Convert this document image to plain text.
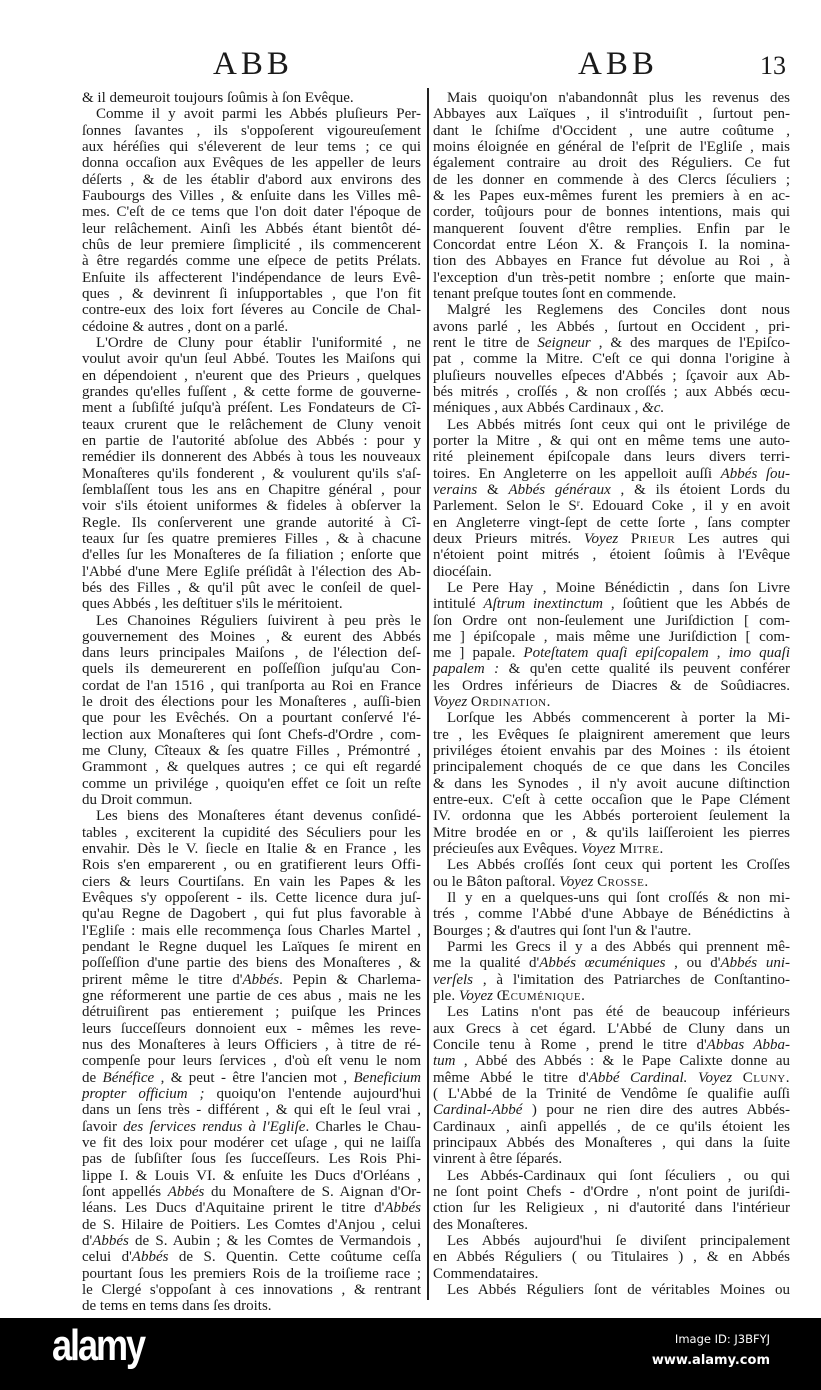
ABB	ABB	13
& il demeuroit toujours ſoûmis à ſon Evêque.
Comme il y avoit parmi les Abbés pluſieurs Per-
ſonnes ſavantes , ils s'oppoſerent vigoureuſement
aux héréſies qui s'éleverent de leur tems ; ce qui
donna occaſion aux Evêques de les appeller de leurs
déſerts , & de les établir d'abord aux environs des
Faubourgs des Villes , & enſuite dans les Villes mê-
mes. C'eſt de ce tems que l'on doit dater l'époque de
leur relâchement. Ainſi les Abbés étant bientôt dé-
chûs de leur premiere ſimplicité , ils commencerent
à être regardés comme une eſpece de petits Prélats.
Enſuite ils affecterent l'indépendance de leurs Evê-
ques , & devinrent ſi inſupportables , que l'on fit
contre-eux des loix fort ſéveres au Concile de Chal-
cédoine & autres , dont on a parlé.
L'Ordre de Cluny pour établir l'uniformité , ne
voulut avoir qu'un ſeul Abbé. Toutes les Maiſons qui
en dépendoient , n'eurent que des Prieurs , quelques
grandes qu'elles fuſſent , & cette forme de gouverne-
ment a ſubſiſté juſqu'à préſent. Les Fondateurs de Cî-
teaux crurent que le relâchement de Cluny venoit
en partie de l'autorité abſolue des Abbés : pour y
remédier ils donnerent des Abbés à tous les nouveaux
Monaſteres qu'ils fonderent , & voulurent qu'ils s'aſ-
ſemblaſſent tous les ans en Chapitre général , pour
voir s'ils étoient uniformes & fideles à obſerver la
Regle. Ils conſerverent une grande autorité à Cî-
teaux ſur ſes quatre premieres Filles , & à chacune
d'elles ſur les Monaſteres de ſa filiation ; enſorte que
l'Abbé d'une Mere Egliſe préſidât à l'élection des Ab-
bés des Filles , & qu'il pût avec le conſeil de quel-
ques Abbés , les deſtituer s'ils le méritoient.
Les Chanoines Réguliers ſuivirent à peu près le
gouvernement des Moines , & eurent des Abbés
dans leurs principales Maiſons , de l'élection deſ-
quels ils demeurerent en poſſeſſion juſqu'au Con-
cordat de l'an 1516 , qui tranſporta au Roi en France
le droit des élections pour les Monaſteres , auſſi-bien
que pour les Evêchés. On a pourtant conſervé l'é-
lection aux Monaſteres qui ſont Chefs-d'Ordre , com-
me Cluny, Cîteaux & ſes quatre Filles , Prémontré ,
Grammont , & quelques autres ; ce qui eſt regardé
comme un privilége , quoiqu'en effet ce ſoit un reſte
du Droit commun.
Les biens des Monaſteres étant devenus conſidé-
tables , exciterent la cupidité des Séculiers pour les
envahir. Dès le V. ſiecle en Italie & en France , les
Rois s'en emparerent , ou en gratifierent leurs Offi-
ciers & leurs Courtiſans. En vain les Papes & les
Evêques s'y oppoſerent - ils. Cette licence dura juſ-
qu'au Regne de Dagobert , qui fut plus favorable à
l'Egliſe : mais elle recommença ſous Charles Martel ,
pendant le Regne duquel les Laïques ſe mirent en
poſſeſſion d'une partie des biens des Monaſteres , &
prirent même le titre d'Abbés. Pepin & Charlema-
gne réformerent une partie de ces abus , mais ne les
détruiſirent pas entierement ; puiſque les Princes
leurs ſucceſſeurs donnoient eux - mêmes les reve-
nus des Monaſteres à leurs Officiers , à titre de ré-
compenſe pour leurs ſervices , d'où eſt venu le nom
de Bénéfice , & peut - être l'ancien mot , Beneficium
propter officium ; quoiqu'on l'entende aujourd'hui
dans un ſens très - différent , & qui eſt le ſeul vrai ,
ſavoir des ſervices rendus à l'Egliſe. Charles le Chau-
ve fit des loix pour modérer cet uſage , qui ne laiſſa
pas de ſubſiſter ſous ſes ſucceſſeurs. Les Rois Phi-
lippe I. & Louis VI. & enſuite les Ducs d'Orléans ,
ſont appellés Abbés du Monaſtere de S. Aignan d'Or-
léans. Les Ducs d'Aquitaine prirent le titre d'Abbés
de S. Hilaire de Poitiers. Les Comtes d'Anjou , celui
d'Abbés de S. Aubin ; & les Comtes de Vermandois ,
celui d'Abbés de S. Quentin. Cette coûtume ceſſa
pourtant ſous les premiers Rois de la troiſieme race ;
le Clergé s'oppoſant à ces innovations , & rentrant
de tems en tems dans ſes droits.
Mais quoiqu'on n'abandonnât plus les revenus des
Abbayes aux Laïques , il s'introduiſit , ſurtout pen-
dant le ſchiſme d'Occident , une autre coûtume ,
moins éloignée en général de l'eſprit de l'Egliſe , mais
également contraire au droit des Réguliers. Ce fut
de les donner en commende à des Clercs ſéculiers ;
& les Papes eux-mêmes furent les premiers à en ac-
corder, toûjours pour de bonnes intentions, mais qui
manquerent ſouvent d'être remplies. Enfin par le
Concordat entre Léon X. & François I. la nomina-
tion des Abbayes en France fut dévolue au Roi , à
l'exception d'un très-petit nombre ; enſorte que main-
tenant preſque toutes ſont en commende.
Malgré les Reglemens des Conciles dont nous
avons parlé , les Abbés , ſurtout en Occident , pri-
rent le titre de Seigneur , & des marques de l'Epiſco-
pat , comme la Mitre. C'eſt ce qui donna l'origine à
pluſieurs nouvelles eſpeces d'Abbés ; ſçavoir aux Ab-
bés mitrés , croſſés , & non croſſés ; aux Abbés œcu-
méniques , aux Abbés Cardinaux , &c.
Les Abbés mitrés ſont ceux qui ont le privilége de
porter la Mitre , & qui ont en même tems une auto-
rité pleinement épiſcopale dans leurs divers terri-
toires. En Angleterre on les appelloit auſſi Abbés ſou-
verains & Abbés généraux , & ils étoient Lords du
Parlement. Selon le Sʳ. Edouard Coke , il y en avoit
en Angleterre vingt-ſept de cette ſorte , ſans compter
deux Prieurs mitrés. Voyez Prieur Les autres qui
n'étoient point mitrés , étoient ſoûmis à l'Evêque
diocéſain.
Le Pere Hay , Moine Bénédictin , dans ſon Livre
intitulé Aſtrum inextinctum , ſoûtient que les Abbés de
ſon Ordre ont non-ſeulement une Juriſdiction [ com-
me ] épiſcopale , mais même une Juriſdiction [ com-
me ] papale. Poteſtatem quaſi epiſcopalem , imo quaſi
papalem : & qu'en cette qualité ils peuvent conférer
les Ordres inférieurs de Diacres & de Soûdiacres.
Voyez Ordination.
Lorſque les Abbés commencerent à porter la Mi-
tre , les Evêques ſe plaignirent amerement que leurs
priviléges étoient envahis par des Moines : ils étoient
principalement choqués de ce que dans les Conciles
& dans les Synodes , il n'y avoit aucune diſtinction
entre-eux. C'eſt à cette occaſion que le Pape Clément
IV. ordonna que les Abbés porteroient ſeulement la
Mitre brodée en or , & qu'ils laiſſeroient les pierres
précieuſes aux Evêques. Voyez Mitre.
Les Abbés croſſés ſont ceux qui portent les Croſſes
ou le Bâton paſtoral. Voyez Crosse.
Il y en a quelques-uns qui ſont croſſés & non mi-
trés , comme l'Abbé d'une Abbaye de Bénédictins à
Bourges ; & d'autres qui ſont l'un & l'autre.
Parmi les Grecs il y a des Abbés qui prennent mê-
me la qualité d'Abbés œcuméniques , ou d'Abbés uni-
verſels , à l'imitation des Patriarches de Conſtantino-
ple. Voyez Œcuménique.
Les Latins n'ont pas été de beaucoup inférieurs
aux Grecs à cet égard. L'Abbé de Cluny dans un
Concile tenu à Rome , prend le titre d'Abbas Abba-
tum , Abbé des Abbés : & le Pape Calixte donne au
même Abbé le titre d'Abbé Cardinal. Voyez Cluny.
( L'Abbé de la Trinité de Vendôme ſe qualifie auſſi
Cardinal-Abbé ) pour ne rien dire des autres Abbés-
Cardinaux , ainſi appellés , de ce qu'ils étoient les
principaux Abbés des Monaſteres , qui dans la ſuite
vinrent à être ſéparés.
Les Abbés-Cardinaux qui ſont ſéculiers , ou qui
ne ſont point Chefs - d'Ordre , n'ont point de juriſdi-
ction ſur les Religieux , ni d'autorité dans l'intérieur
des Monaſteres.
Les Abbés aujourd'hui ſe diviſent principalement
en Abbés Réguliers ( ou Titulaires ) , & en Abbés
Commendataires.
Les Abbés Réguliers ſont de véritables Moines ou
alamy	Image ID: J3BFYJ
www.alamy.com
